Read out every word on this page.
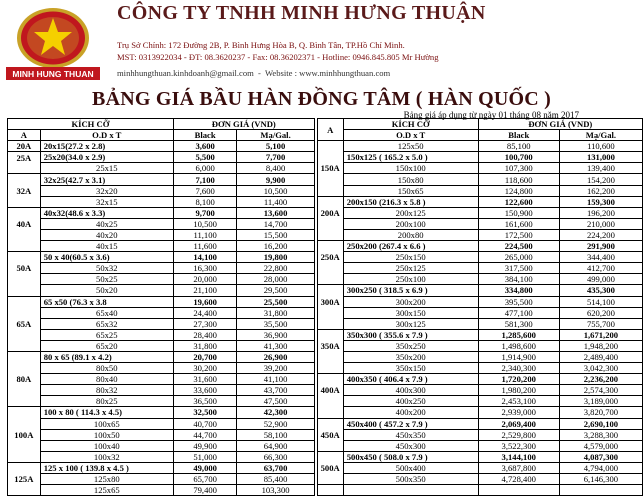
MINH HUNG THUAN
CÔNG TY TNHH MINH HƯNG THUẬN
Trụ Sở Chính: 172 Đường 2B, P. Bình Hưng Hòa B, Q. Bình Tân, TP.Hồ Chí Minh.
MST: 0313922034 - ĐT: 08.3620237 - Fax: 08.36202371 - Hotline: 0946.845.805 Mr Hường
minhhungthuan.kinhdoanh@gmail.com - Website : www.minhhungthuan.com
BẢNG GIÁ BẦU HÀN ĐỒNG TÂM ( HÀN QUỐC )
Bảng giá áp dụng từ ngày 01 tháng 08 năm 2017
KÍCH CỠ		ĐƠN GIÁ (VND)			A	KÍCH CỠ	ĐƠN GIÁ (VND)	
A	O.D x T	Black	Mạ/Gal.			O.D x T	Black	Mạ/Gal.
20A	20x15(27.2 x 2.8)	3,600	5,100			125x50	85,100	110,600
25A	25x20(34.0 x 2.9)	5,500	7,700			150x125 ( 165.2 x 5.0 )	100,700	131,000
	25x15	6,000	8,400		150A	150x100	107,300	139,400
	32x25(42.7 x 3.1)	7,100	9,900			150x80	118,600	154,200
32A	32x20	7,600	10,500			150x65	124,800	162,200
	32x15	8,100	11,400			200x150 (216.3 x 5.8 )	122,600	159,300
	40x32(48.6 x 3.3)	9,700	13,600		200A	200x125	150,900	196,200
40A	40x25	10,500	14,700			200x100	161,600	210,000
	40x20	11,100	15,500			200x80	172,500	224,200
	40x15	11,600	16,200			250x200 (267.4 x 6.6 )	224,500	291,900
	50 x 40(60.5 x 3.6)	14,100	19,800		250A	250x150	265,000	344,400
50A	50x32	16,300	22,800			250x125	317,500	412,700
	50x25	20,000	28,000			250x100	384,100	499,000
	50x20	21,100	29,500			300x250 ( 318.5 x 6.9 )	334,800	435,300
	65 x50 (76.3 x 3.8	19,600	25,500		300A	300x200	395,500	514,100
	65x40	24,400	31,800			300x150	477,100	620,200
65A	65x32	27,300	35,500			300x125	581,300	755,700
	65x25	28,400	36,900			350x300 ( 355.6 x 7.9 )	1,285,600	1,671,200
	65x20	31,800	41,300		350A	350x250	1,498,600	1,948,200
	80 x 65 (89.1 x 4.2)	20,700	26,900			350x200	1,914,900	2,489,400
	80x50	30,200	39,200			350x150	2,340,300	3,042,300
80A	80x40	31,600	41,100			400x350 ( 406.4 x 7.9 )	1,720,200	2,236,200
	80x32	33,600	43,700		400A	400x300	1,980,200	2,574,300
	80x25	36,500	47,500			400x250	2,453,100	3,189,000
	100 x 80 ( 114.3 x 4.5)	32,500	42,300			400x200	2,939,000	3,820,700
	100x65	40,700	52,900			450x400 ( 457.2 x 7.9 )	2,069,400	2,690,100
100A	100x50	44,700	58,100		450A	450x350	2,529,800	3,288,300
	100x40	49,900	64,900			450x300	3,522,300	4,579,000
	100x32	51,000	66,300			500x450 ( 508.0 x 7.9 )	3,144,100	4,087,300
	125 x 100 ( 139.8 x 4.5 )	49,000	63,700		500A	500x400	3,687,800	4,794,000
125A	125x80	65,700	85,400			500x350	4,728,400	6,146,300
	125x65	79,400	103,300					
